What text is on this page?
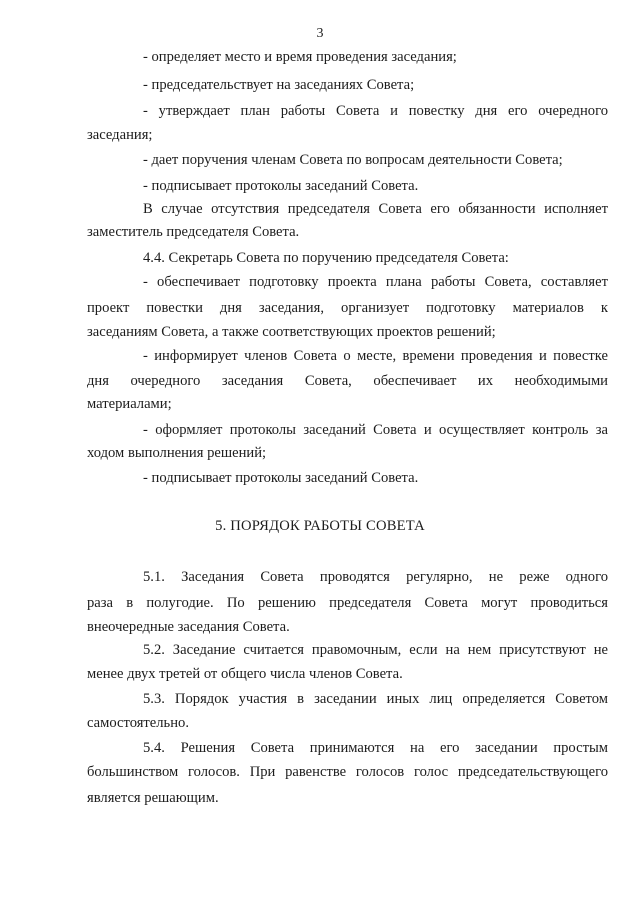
3
- определяет место и время проведения заседания;
- председательствует на заседаниях Совета;
- утверждает план работы Совета и повестку дня его очередного
заседания;
- дает поручения членам Совета по вопросам деятельности Совета;
- подписывает протоколы заседаний Совета.
В случае отсутствия председателя Совета его обязанности исполняет
заместитель председателя Совета.
4.4. Секретарь Совета по поручению председателя Совета:
- обеспечивает подготовку проекта плана работы Совета, составляет
проект повестки дня заседания, организует подготовку материалов к
заседаниям Совета, а также соответствующих проектов решений;
- информирует членов Совета о месте, времени проведения и повестке
дня очередного заседания Совета, обеспечивает их необходимыми
материалами;
- оформляет протоколы заседаний Совета и осуществляет контроль за
ходом выполнения решений;
- подписывает протоколы заседаний Совета.
5. ПОРЯДОК РАБОТЫ СОВЕТА
5.1. Заседания Совета проводятся регулярно, не реже одного
раза в полугодие. По решению председателя Совета могут проводиться
внеочередные заседания Совета.
5.2. Заседание считается правомочным, если на нем присутствуют не
менее двух третей от общего числа членов Совета.
5.3. Порядок участия в заседании иных лиц определяется Советом
самостоятельно.
5.4. Решения Совета принимаются на его заседании простым
большинством голосов. При равенстве голосов голос председательствующего
является решающим.
